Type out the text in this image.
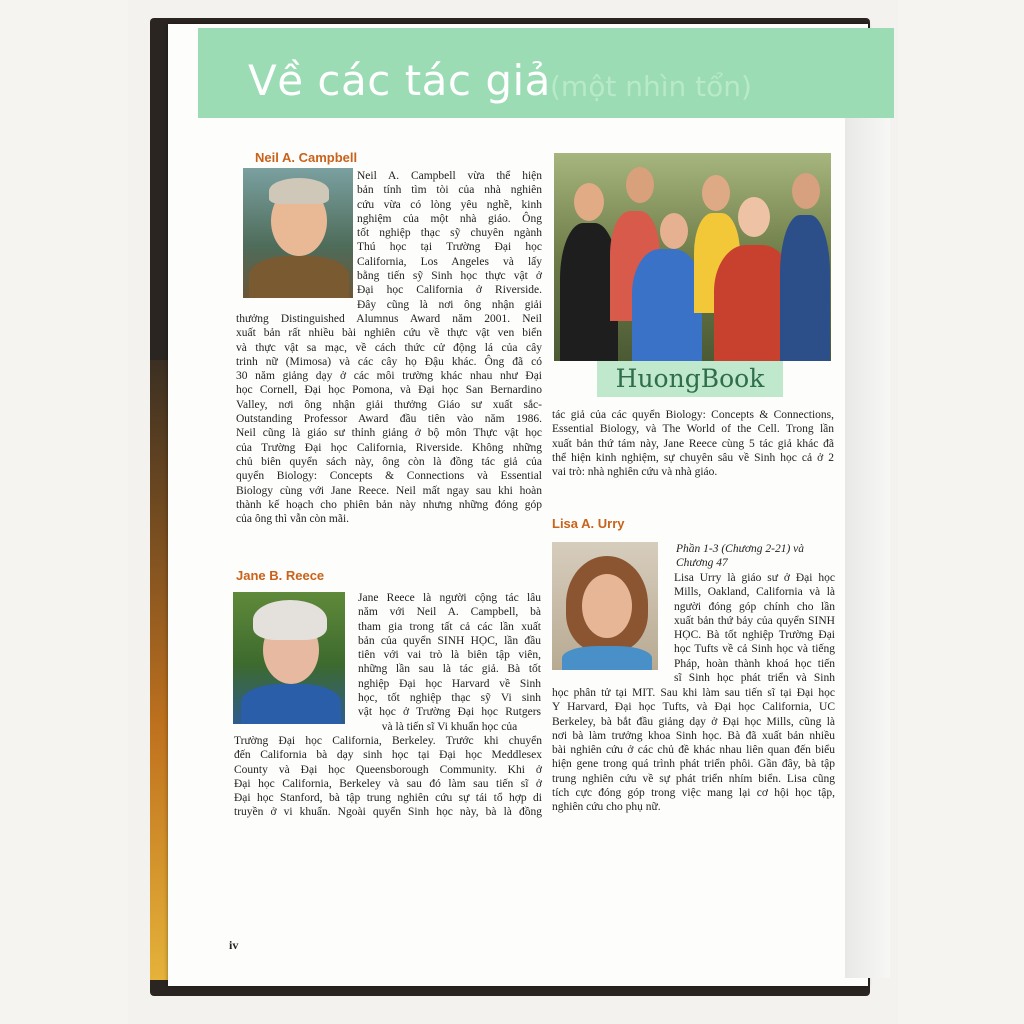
(một nhìn tổn)
Về các tác giả
Neil A. Campbell
Neil A. Campbell vừa thể hiện
bản tính tìm tòi của nhà nghiên
cứu vừa có lòng yêu nghề, kinh
nghiệm của một nhà giáo. Ông
tốt nghiệp thạc sỹ chuyên ngành
Thú học tại Trường Đại học
California, Los Angeles và lấy
bằng tiến sỹ Sinh học thực vật ở
Đại học California ở Riverside.
Đây cũng là nơi ông nhận giải
thưởng Distinguished Alumnus Award năm 2001. Neil
xuất bản rất nhiều bài nghiên cứu về thực vật ven biển
và thực vật sa mạc, về cách thức cử động lá của cây
trinh nữ (Mimosa) và các cây họ Đậu khác. Ông đã có
30 năm giảng dạy ở các môi trường khác nhau như Đại
học Cornell, Đại học Pomona, và Đại học San Bernardino
Valley, nơi ông nhận giải thưởng Giáo sư xuất sắc-
Outstanding Professor Award đầu tiên vào năm 1986.
Neil cũng là giáo sư thỉnh giảng ở bộ môn Thực vật học
của Trường Đại học California, Riverside. Không những
chủ biên quyển sách này, ông còn là đồng tác giả của
quyển Biology: Concepts & Connections và Essential
Biology cùng với Jane Reece. Neil mất ngay sau khi hoàn
thành kế hoạch cho phiên bản này nhưng những đóng góp
của ông thì vẫn còn mãi.
Jane B. Reece
Jane Reece là người cộng tác lâu
năm với Neil A. Campbell, bà
tham gia trong tất cả các lần xuất
bản của quyển SINH HỌC, lần đầu
tiên với vai trò là biên tập viên,
những lần sau là tác giả. Bà tốt
nghiệp Đại học Harvard về Sinh
học, tốt nghiệp thạc sỹ Vi sinh
vật học ở Trường Đại học Rutgers
và là tiến sĩ Vi khuẩn học của
Trường Đại học California, Berkeley. Trước khi chuyển
đến California bà dạy sinh học tại Đại học Meddlesex
County và Đại học Queensborough Community. Khi ở
Đại học California, Berkeley và sau đó làm sau tiến sĩ ở
Đại học Stanford, bà tập trung nghiên cứu sự tái tổ hợp di
truyền ở vi khuẩn. Ngoài quyển Sinh học này, bà là đồng
HuongBook
tác giả của các quyển Biology: Concepts & Connections,
Essential Biology, và The World of the Cell. Trong lần
xuất bản thứ tám này, Jane Reece cùng 5 tác giả khác đã
thể hiện kinh nghiệm, sự chuyên sâu về Sinh học cả ở 2
vai trò: nhà nghiên cứu và nhà giáo.
Lisa A. Urry
Phần 1-3 (Chương 2-21) và
Chương 47
Lisa Urry là giáo sư ở Đại học
Mills, Oakland, California và là
người đóng góp chính cho lần
xuất bản thứ bảy của quyển SINH
HỌC. Bà tốt nghiệp Trường Đại
học Tufts về cả Sinh học và tiếng
Pháp, hoàn thành khoá học tiến
sĩ Sinh học phát triển và Sinh
học phân tử tại MIT. Sau khi làm sau tiến sĩ tại Đại học
Y Harvard, Đại học Tufts, và Đại học California, UC
Berkeley, bà bắt đầu giảng dạy ở Đại học Mills, cũng là
nơi bà làm trưởng khoa Sinh học. Bà đã xuất bản nhiều
bài nghiên cứu ở các chủ đề khác nhau liên quan đến biểu
hiện gene trong quá trình phát triển phôi. Gần đây, bà tập
trung nghiên cứu về sự phát triển nhím biển. Lisa cũng
tích cực đóng góp trong việc mang lại cơ hội học tập,
nghiên cứu cho phụ nữ.
iv
